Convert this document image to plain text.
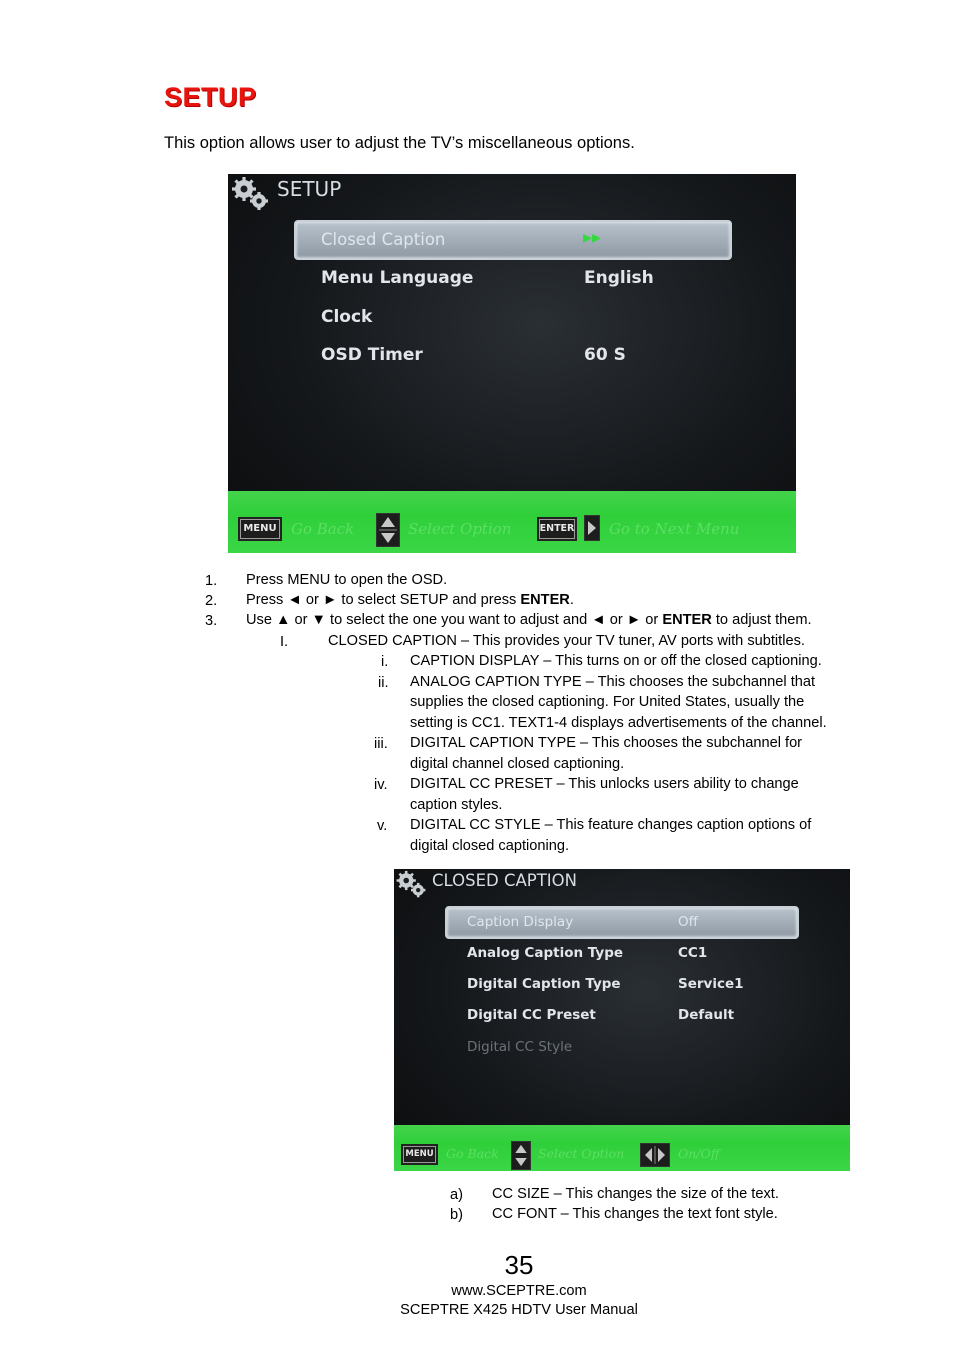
SETUP
This option allows user to adjust the TV’s miscellaneous options.
SETUP
Closed Caption	▸▸
Menu Language	English
Clock
OSD Timer	60 S
MENU Go Back	Select Option	ENTER Go to Next Menu
1. Press MENU to open the OSD.
2. Press ◄ or ► to select SETUP and press ENTER.
3. Use ▲ or ▼ to select the one you want to adjust and ◄ or ► or ENTER to adjust them.
I.	CLOSED CAPTION – This provides your TV tuner, AV ports with subtitles.
i. CAPTION DISPLAY – This turns on or off the closed captioning.
ii. ANALOG CAPTION TYPE – This chooses the subchannel that
supplies the closed captioning. For United States, usually the
setting is CC1. TEXT1-4 displays advertisements of the channel.
iii. DIGITAL CAPTION TYPE – This chooses the subchannel for
digital channel closed captioning.
iv. DIGITAL CC PRESET – This unlocks users ability to change
caption styles.
v. DIGITAL CC STYLE – This feature changes caption options of
digital closed captioning.
CLOSED CAPTION
Caption Display	Off
Analog Caption Type	CC1
Digital Caption Type	Service1
Digital CC Preset	Default
Digital CC Style
MENU Go Back	Select Option	On/Off
a) CC SIZE – This changes the size of the text.
b) CC FONT – This changes the text font style.
35
www.SCEPTRE.com
SCEPTRE X425 HDTV User Manual
